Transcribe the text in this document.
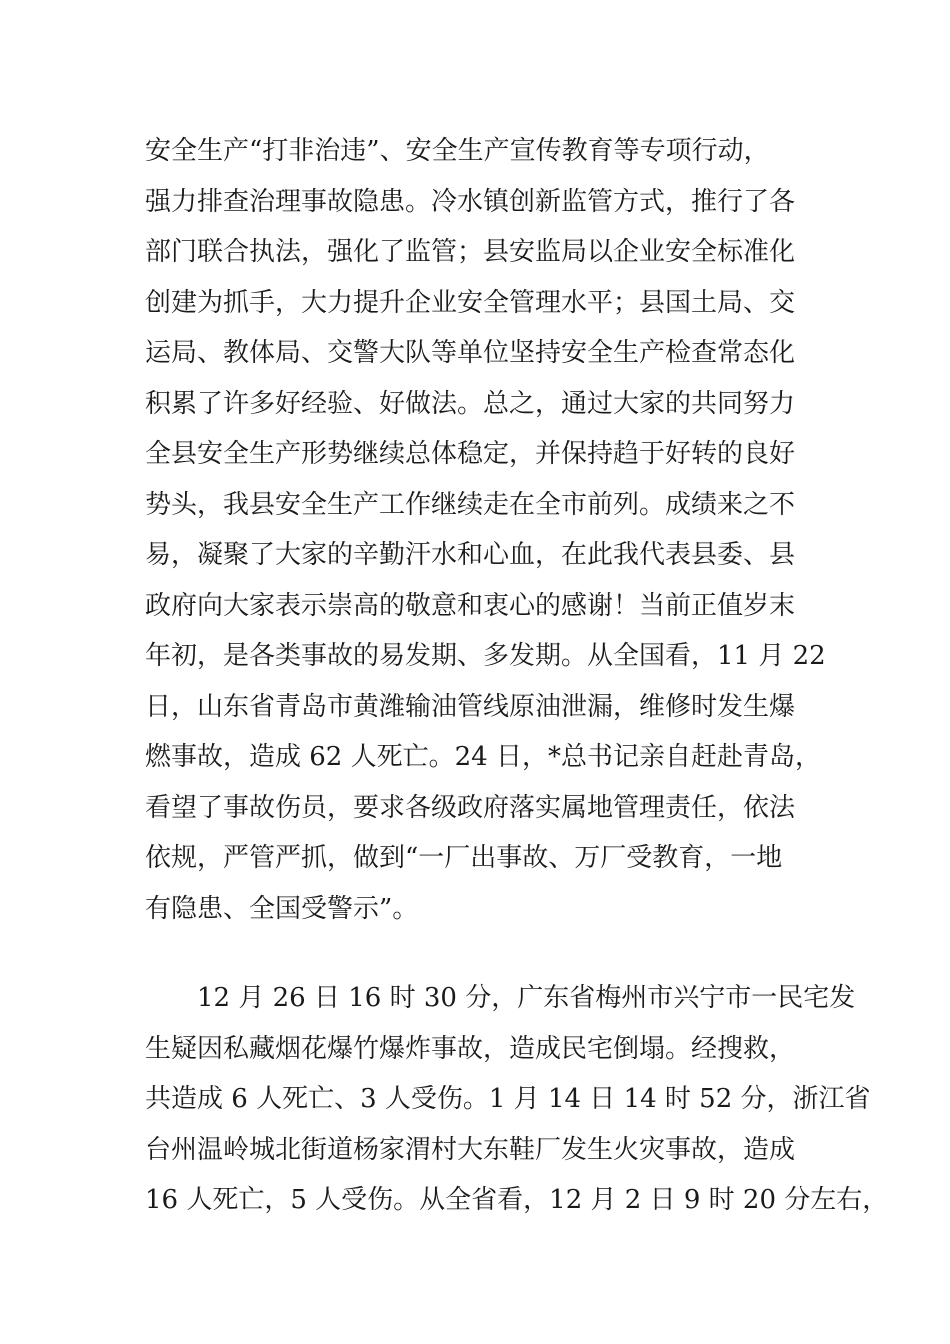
安全生产“打非治违”、安全生产宣传教育等专项行动，
强力排查治理事故隐患。冷水镇创新监管方式，推行了各
部门联合执法，强化了监管；县安监局以企业安全标准化
创建为抓手，大力提升企业安全管理水平；县国土局、交
运局、教体局、交警大队等单位坚持安全生产检查常态化
积累了许多好经验、好做法。总之，通过大家的共同努力
全县安全生产形势继续总体稳定，并保持趋于好转的良好
势头，我县安全生产工作继续走在全市前列。成绩来之不
易，凝聚了大家的辛勤汗水和心血，在此我代表县委、县
政府向大家表示崇高的敬意和衷心的感谢！当前正值岁末
年初，是各类事故的易发期、多发期。从全国看，11 月 22
日，山东省青岛市黄潍输油管线原油泄漏，维修时发生爆
燃事故，造成 62 人死亡。24 日，*总书记亲自赶赴青岛，
看望了事故伤员，要求各级政府落实属地管理责任，依法
依规，严管严抓，做到“一厂出事故、万厂受教育，一地
有隐患、全国受警示”。
12 月 26 日 16 时 30 分，广东省梅州市兴宁市一民宅发
生疑因私藏烟花爆竹爆炸事故，造成民宅倒塌。经搜救，
共造成 6 人死亡、3 人受伤。1 月 14 日 14 时 52 分，浙江省
台州温岭城北街道杨家渭村大东鞋厂发生火灾事故，造成
16 人死亡，5 人受伤。从全省看，12 月 2 日 9 时 20 分左右，
